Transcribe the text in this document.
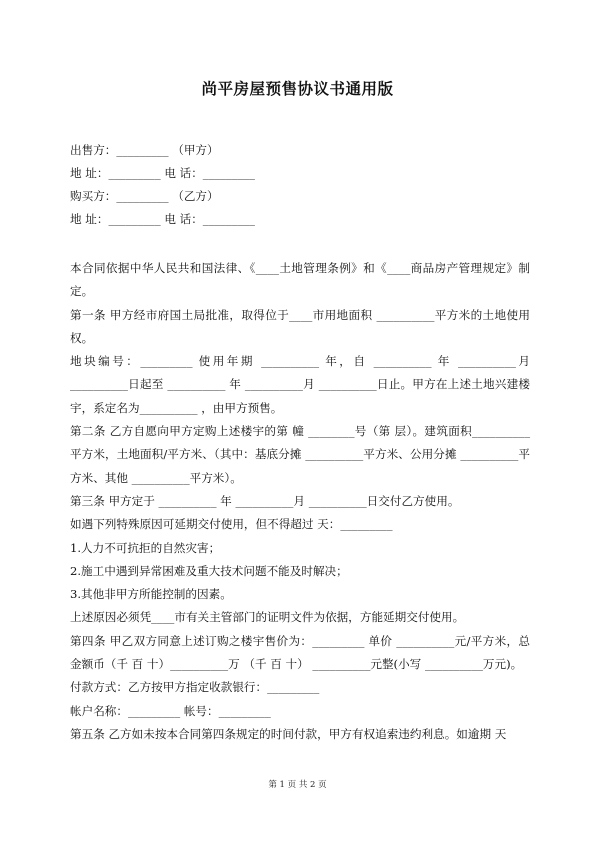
尚平房屋预售协议书通用版
出售方：_________ （甲方）
地 址：_________ 电 话：_________
购买方：_________ （乙方）
地 址：_________ 电 话：_________

本合同依据中华人民共和国法律、《____土地管理条例》和《____商品房产管理规定》制定。

第一条 甲方经市府国土局批准，取得位于____市用地面积 __________平方米的土地使用权。

地块编号：_________ 使用年期 __________ 年，自 __________ 年 __________月 __________日起至 __________ 年 __________月 __________日止。甲方在上述土地兴建楼宇，系定名为__________ ，由甲方预售。

第二条 乙方自愿向甲方定购上述楼宇的第 幢 ________号（第 层）。建筑面积__________平方米，土地面积/平方米、（其中：基底分摊 __________平方米、公用分摊 __________平方米、其他 __________平方米）。

第三条 甲方定于 __________ 年 __________月 __________日交付乙方使用。

如遇下列特殊原因可延期交付使用，但不得超过 天：_________

1.人力不可抗拒的自然灾害；

2.施工中遇到异常困难及重大技术问题不能及时解决；

3.其他非甲方所能控制的因素。

上述原因必须凭____市有关主管部门的证明文件为依据，方能延期交付使用。

第四条 甲乙双方同意上述订购之楼宇售价为：_________ 单价 __________元/平方米，总金额币（千 百 十）__________万 （千 百 十） __________元整(小写 __________万元)。

付款方式：乙方按甲方指定收款银行：_________

帐户名称：_________ 帐号：_________

第五条 乙方如未按本合同第四条规定的时间付款，甲方有权追索违约利息。如逾期 天

第 1 页 共 2 页
